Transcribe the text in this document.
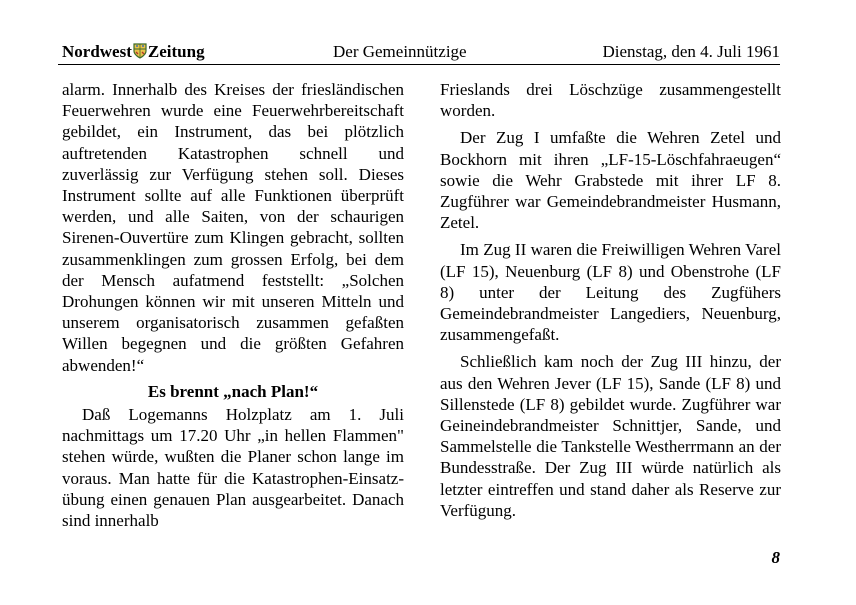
Nordwest Zeitung	Der Gemeinnützige	Dienstag, den 4. Juli 1961

alarm. Innerhalb des Kreises der friesländischen Feuerwehren wurde eine Feuerwehrbereitschaft gebildet, ein Instrument, das bei plötzlich auftretenden Katastrophen schnell und zuverlässig zur Verfügung stehen soll. Dieses Instrument sollte auf alle Funktionen überprüft werden, und alle Saiten, von der schaurigen Sirenen-Ouvertüre zum Klingen gebracht, sollten zusammenklingen zum grossen Erfolg, bei dem der Mensch aufatmend feststellt: „Solchen Drohungen können wir mit unseren Mitteln und unserem organisatorisch zusammen gefaßten Willen begegnen und die größten Gefahren abwenden!“

Es brennt „nach Plan!“

Daß Logemanns Holzplatz am 1. Juli nachmittags um 17.20 Uhr „in hellen Flammen" stehen würde, wußten die Planer schon lange im voraus. Man hatte für die Katastrophen-Einsatz-übung einen genauen Plan ausgearbeitet. Danach sind innerhalb

Frieslands drei Löschzüge zusammengestellt worden.

Der Zug I umfaßte die Wehren Zetel und Bockhorn mit ihren „LF-15-Löschfahraeugen“ sowie die Wehr Grabstede mit ihrer LF 8. Zugführer war Gemeindebrandmeister Husmann, Zetel.

Im Zug II waren die Freiwilligen Wehren Varel (LF 15), Neuenburg (LF 8) und Obenstrohe (LF 8) unter der Leitung des Zugfühers Gemeindebrandmeister Langediers, Neuenburg, zusammengefaßt.

Schließlich kam noch der Zug III hinzu, der aus den Wehren Jever (LF 15), Sande (LF 8) und Sillenstede (LF 8) gebildet wurde. Zugführer war Geineindebrandmeister Schnittjer, Sande, und Sammelstelle die Tankstelle Westherrmann an der Bundesstraße. Der Zug III würde natürlich als letzter eintreffen und stand daher als Reserve zur Verfügung.

8
